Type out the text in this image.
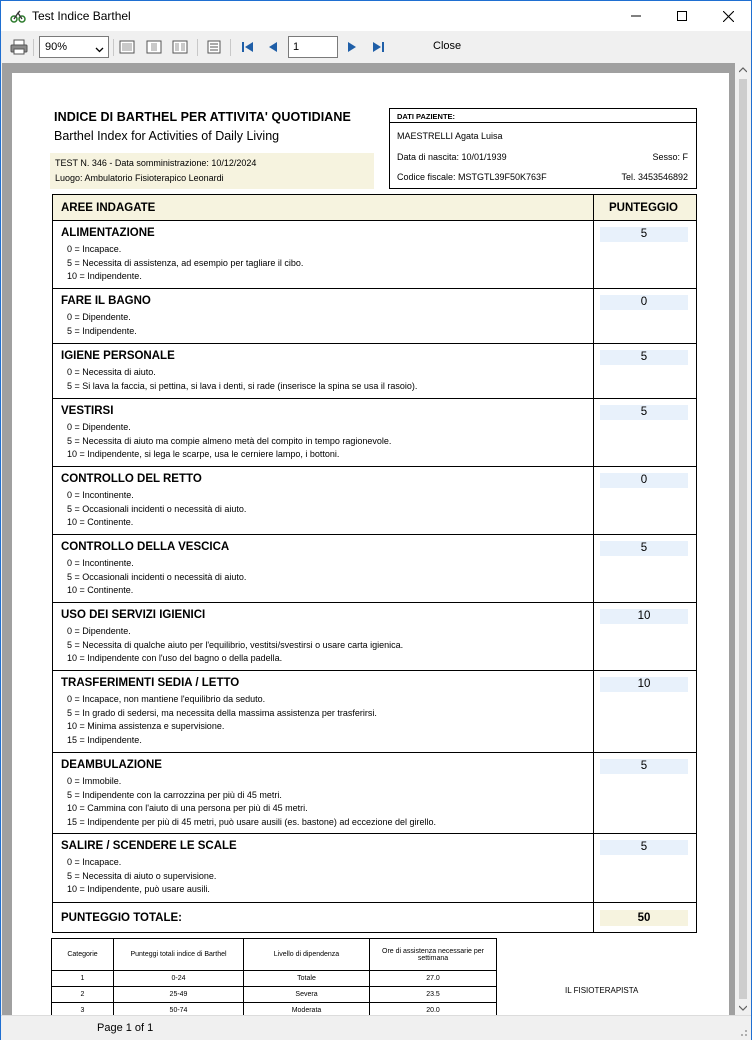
Test Indice Barthel
90%
1	Close
INDICE DI BARTHEL PER ATTIVITA' QUOTIDIANE
Barthel Index for Activities of Daily Living
TEST N. 346 - Data somministrazione: 10/12/2024
Luogo: Ambulatorio Fisioterapico Leonardi
DATI PAZIENTE:
MAESTRELLI Agata Luisa
Data di nascita: 10/01/1939	Sesso: F
Codice fiscale: MSTGTL39F50K763F	Tel. 3453546892
AREE INDAGATE	PUNTEGGIO
ALIMENTAZIONE
0 = Incapace.
5 = Necessita di assistenza, ad esempio per tagliare il cibo.
10 = Indipendente.
5
FARE IL BAGNO
0 = Dipendente.
5 = Indipendente.
0
IGIENE PERSONALE
0 = Necessita di aiuto.
5 = Si lava la faccia, si pettina, si lava i denti, si rade (inserisce la spina se usa il rasoio).
5
VESTIRSI
0 = Dipendente.
5 = Necessita di aiuto ma compie almeno metà del compito in tempo ragionevole.
10 = Indipendente, si lega le scarpe, usa le cerniere lampo, i bottoni.
5
CONTROLLO DEL RETTO
0 = Incontinente.
5 = Occasionali incidenti o necessità di aiuto.
10 = Continente.
0
CONTROLLO DELLA VESCICA
0 = Incontinente.
5 = Occasionali incidenti o necessità di aiuto.
10 = Continente.
5
USO DEI SERVIZI IGIENICI
0 = Dipendente.
5 = Necessita di qualche aiuto per l'equilibrio, vestitsi/svestirsi o usare carta igienica.
10 = Indipendente con l'uso del bagno o della padella.
10
TRASFERIMENTI SEDIA / LETTO
0 = Incapace, non mantiene l'equilibrio da seduto.
5 = In grado di sedersi, ma necessita della massima assistenza per trasferirsi.
10 = Minima assistenza e supervisione.
15 = Indipendente.
10
DEAMBULAZIONE
0 = Immobile.
5 = Indipendente con la carrozzina per più di 45 metri.
10 = Cammina con l'aiuto di una persona per più di 45 metri.
15 = Indipendente per più di 45 metri, può usare ausili (es. bastone) ad eccezione del girello.
5
SALIRE / SCENDERE LE SCALE
0 = Incapace.
5 = Necessita di aiuto o supervisione.
10 = Indipendente, può usare ausili.
5
PUNTEGGIO TOTALE:	50
Categorie	Punteggi totali indice di Barthel	Livello di dipendenza	Ore di assistenza necessarie per settimana
1	0-24	Totale	27.0
2	25-49	Severa	23.5
3	50-74	Moderata	20.0
IL FISIOTERAPISTA
Page 1 of 1
